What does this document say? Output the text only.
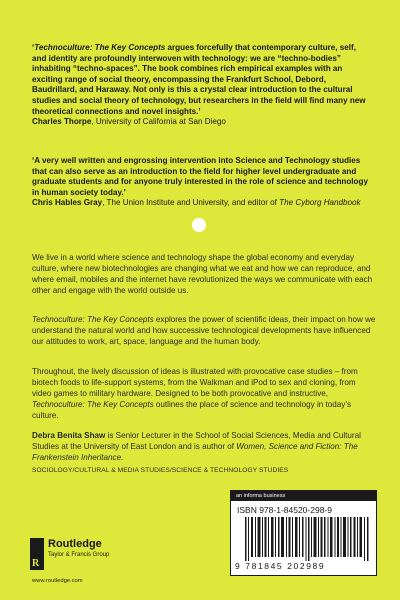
‘Technoculture: The Key Concepts argues forcefully that contemporary culture, self, and identity are profoundly interwoven with technology: we are “techno-bodies” inhabiting “techno-spaces”. The book combines rich empirical examples with an exciting range of social theory, encompassing the Frankfurt School, Debord, Baudrillard, and Haraway. Not only is this a crystal clear introduction to the cultural studies and social theory of technology, but researchers in the field will find many new theoretical connections and novel insights.’
Charles Thorpe, University of California at San Diego
‘A very well written and engrossing intervention into Science and Technology studies that can also serve as an introduction to the field for higher level undergraduate and graduate students and for anyone truly interested in the role of science and technology in human society today.’
Chris Hables Gray, The Union Institute and University, and editor of The Cyborg Handbook

We live in a world where science and technology shape the global economy and everyday culture, where new biotechnologies are changing what we eat and how we can reproduce, and where email, mobiles and the internet have revolutionized the ways we communicate with each other and engage with the world outside us.

Technoculture: The Key Concepts explores the power of scientific ideas, their impact on how we understand the natural world and how successive technological developments have influenced our attitudes to work, art, space, language and the human body.

Throughout, the lively discussion of ideas is illustrated with provocative case studies – from biotech foods to life-support systems, from the Walkman and iPod to sex and cloning, from video games to military hardware. Designed to be both provocative and instructive, Technoculture: The Key Concepts outlines the place of science and technology in today’s culture.

Debra Benita Shaw is Senior Lecturer in the School of Social Sciences, Media and Cultural Studies at the University of East London and is author of Women, Science and Fiction: The Frankenstein Inheritance.

SOCIOLOGY/CULTURAL & MEDIA STUDIES/SCIENCE & TECHNOLOGY STUDIES
R
Routledge
Taylor & Francis Group
www.routledge.com
an informa business
ISBN 978-1-84520-298-9
9 781845 202989
